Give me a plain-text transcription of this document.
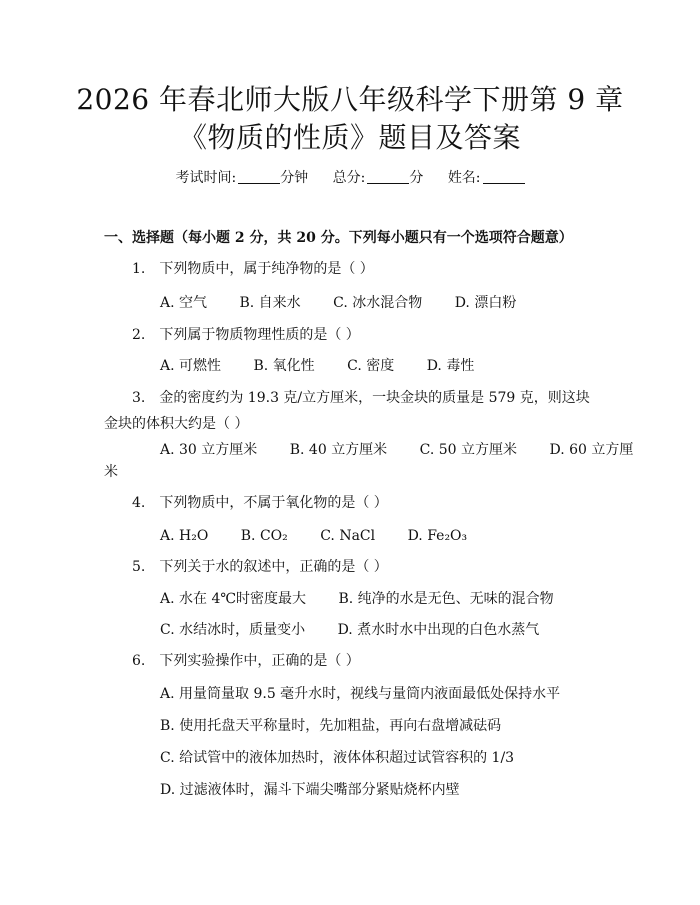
2026 年春北师大版八年级科学下册第 9 章
《物质的性质》题目及答案
考试时间:	分钟 总分:	分 姓名:
一、选择题（每小题 2 分，共 20 分。下列每小题只有一个选项符合题意）
1.　下列物质中，属于纯净物的是（ ）
A. 空气 B. 自来水 C. 冰水混合物 D. 漂白粉
2.　下列属于物质物理性质的是（ ）
A. 可燃性 B. 氧化性 C. 密度 D. 毒性
3.　金的密度约为 19.3 克/立方厘米，一块金块的质量是 579 克，则这块金块的体积大约是（ ）
A. 30 立方厘米 B. 40 立方厘米 C. 50 立方厘米 D. 60 立方厘
米
4.　下列物质中，不属于氧化物的是（ ）
A. H₂O B. CO₂ C. NaCl D. Fe₂O₃
5.　下列关于水的叙述中，正确的是（ ）
A. 水在 4℃时密度最大 B. 纯净的水是无色、无味的混合物
C. 水结冰时，质量变小 D. 煮水时水中出现的白色水蒸气
6.　下列实验操作中，正确的是（ ）
A. 用量筒量取 9.5 毫升水时，视线与量筒内液面最低处保持水平
B. 使用托盘天平称量时，先加粗盐，再向右盘增减砝码
C. 给试管中的液体加热时，液体体积超过试管容积的 1/3
D. 过滤液体时，漏斗下端尖嘴部分紧贴烧杯内壁
